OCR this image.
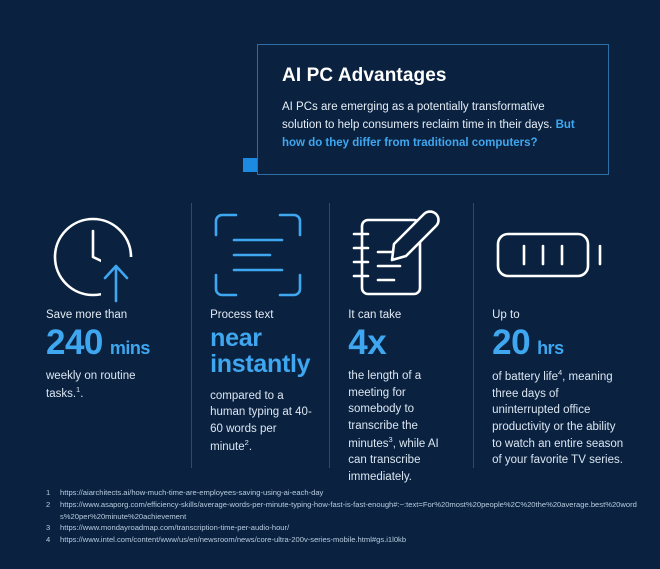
AI PC Advantages

AI PCs are emerging as a potentially transformative solution to help consumers reclaim time in their days. But how do they differ from traditional computers?

Save more than

240 mins

weekly on routine tasks.$^1$.

Process text

near instantly

compared to a human typing at 40-60 words per minute$^2$.

It can take

4x

the length of a meeting for somebody to transcribe the minutes$^3$, while AI can transcribe immediately.

Up to

20 hrs

of battery life$^4$, meaning three days of uninterrupted office productivity or the ability to watch an entire season of your favorite TV series.

1	https://aiarchitects.ai/how-much-time-are-employees-saving-using-ai-each-day
2	https://www.asaporg.com/efficiency-skills/average-words-per-minute-typing-how-fast-is-fast-enough#:~:text=For%20most%20people%2C%20the%20average.best%20words%20per%20minute%20achievement
3	https://www.mondayroadmap.com/transcription-time-per-audio-hour/
4	https://www.intel.com/content/www/us/en/newsroom/news/core-ultra-200v-series-mobile.html#gs.i1l0kb
